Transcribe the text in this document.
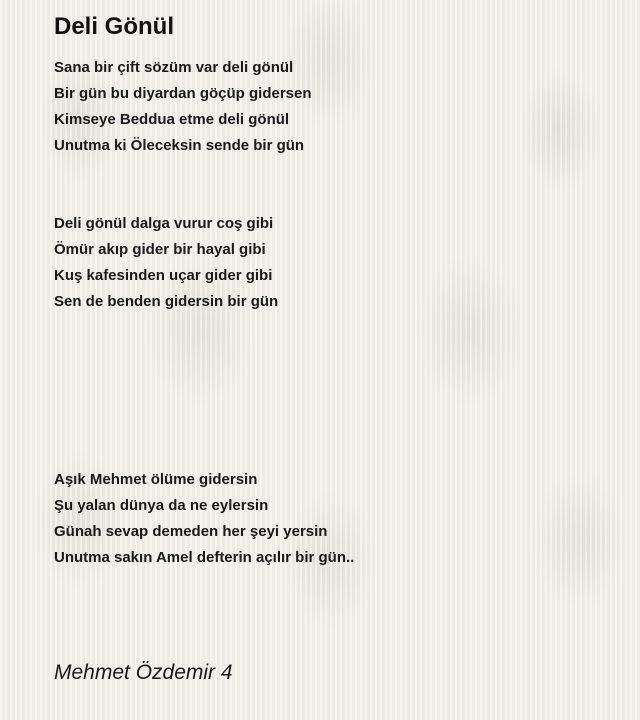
Deli Gönül
Sana bir çift sözüm var deli gönül
Bir gün bu diyardan göçüp gidersen
Kimseye Beddua etme deli gönül
Unutma ki Öleceksin sende bir gün
Deli gönül dalga vurur coş gibi
Ömür akıp gider bir hayal gibi
Kuş kafesinden uçar gider gibi
Sen de benden gidersin bir gün
Aşık Mehmet ölüme gidersin
Şu yalan dünya da ne eylersin
Günah sevap demeden her şeyi yersin
Unutma sakın Amel defterin açılır bir gün..
Mehmet Özdemir 4
